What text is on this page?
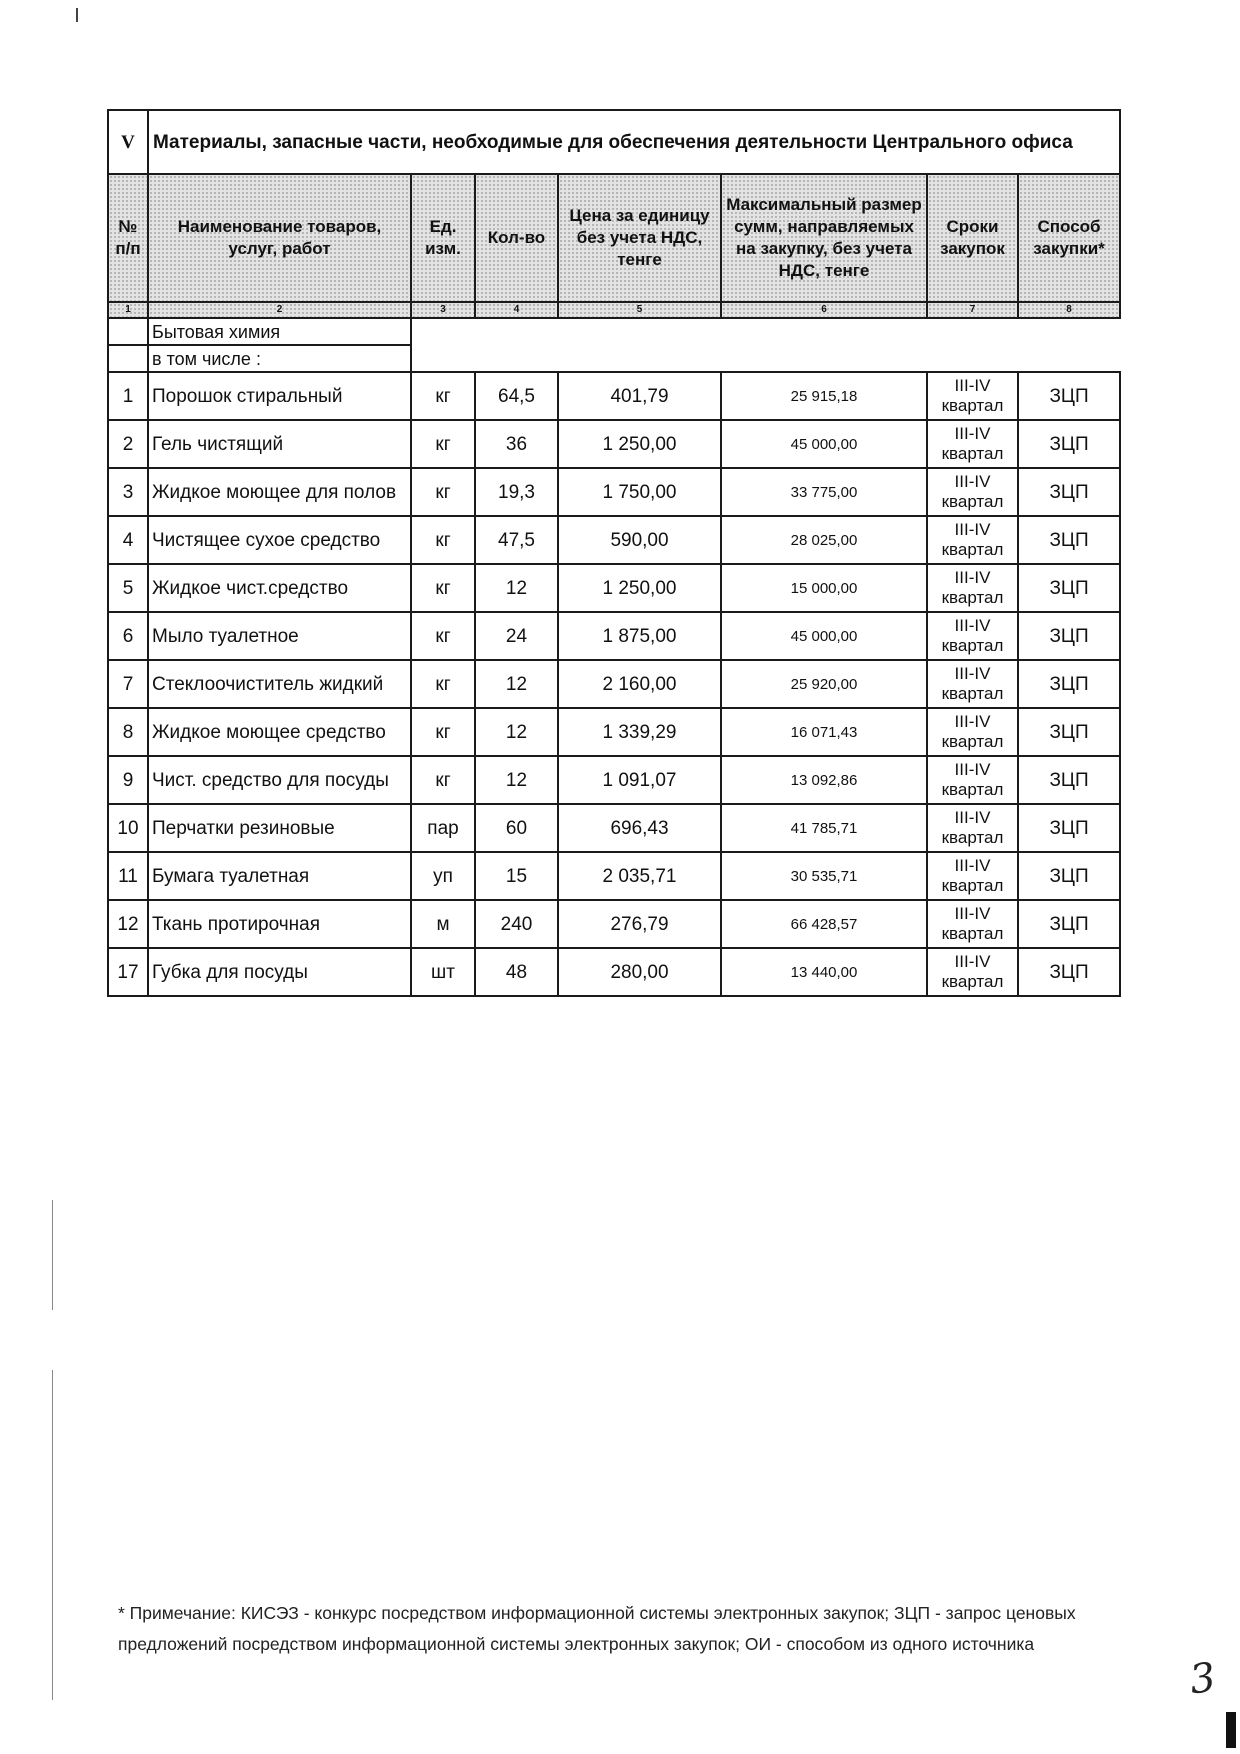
V	Материалы, запасные части, необходимые для обеспечения деятельности Центрального офиса						
№ п/п	Наименование товаров, услуг, работ	Ед. изм.	Кол-во	Цена за единицу без учета НДС, тенге	Максимальный размер сумм, направляемых на закупку, без учета НДС, тенге	Сроки закупок	Способ закупки*
1	2	3	4	5	6	7	8
	Бытовая химия						
	в том числе :						
1	Порошок стиральный	кг	64,5	401,79	25 915,18	III-IV квартал	ЗЦП
2	Гель чистящий	кг	36	1 250,00	45 000,00	III-IV квартал	ЗЦП
3	Жидкое моющее для полов	кг	19,3	1 750,00	33 775,00	III-IV квартал	ЗЦП
4	Чистящее сухое средство	кг	47,5	590,00	28 025,00	III-IV квартал	ЗЦП
5	Жидкое чист.средство	кг	12	1 250,00	15 000,00	III-IV квартал	ЗЦП
6	Мыло туалетное	кг	24	1 875,00	45 000,00	III-IV квартал	ЗЦП
7	Стеклоочиститель жидкий	кг	12	2 160,00	25 920,00	III-IV квартал	ЗЦП
8	Жидкое моющее средство	кг	12	1 339,29	16 071,43	III-IV квартал	ЗЦП
9	Чист. средство для посуды	кг	12	1 091,07	13 092,86	III-IV квартал	ЗЦП
10	Перчатки резиновые	пар	60	696,43	41 785,71	III-IV квартал	ЗЦП
11	Бумага туалетная	уп	15	2 035,71	30 535,71	III-IV квартал	ЗЦП
12	Ткань протирочная	м	240	276,79	66 428,57	III-IV квартал	ЗЦП
17	Губка для посуды	шт	48	280,00	13 440,00	III-IV квартал	ЗЦП
* Примечание: КИСЭЗ - конкурс посредством информационной системы электронных закупок; ЗЦП - запрос ценовых предложений посредством информационной системы электронных закупок; ОИ - способом из одного источника
3
